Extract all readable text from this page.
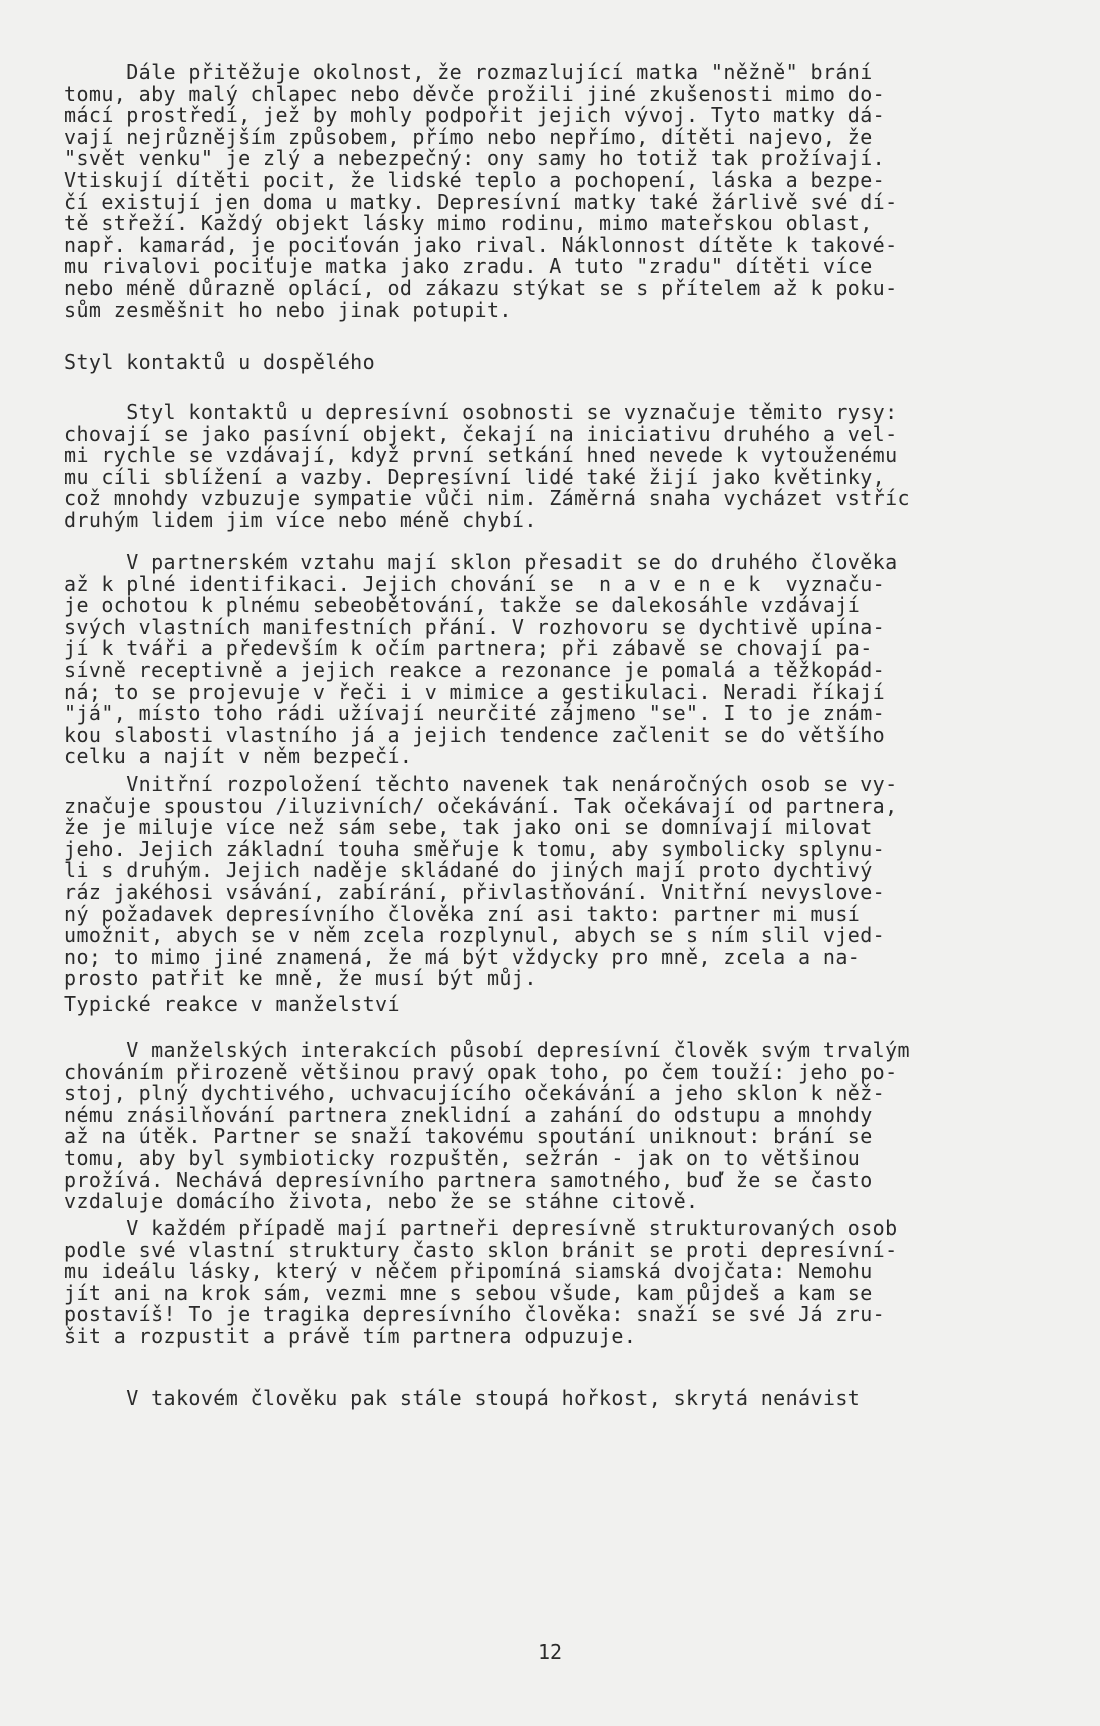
Dále přitěžuje okolnost, že rozmazlující matka "něžně" brání
tomu, aby malý chlapec nebo děvče prožili jiné zkušenosti mimo do-
mácí prostředí, jež by mohly podpořit jejich vývoj. Tyto matky dá-
vají nejrůznějším způsobem, přímo nebo nepřímo, dítěti najevo, že
"svět venku" je zlý a nebezpečný: ony samy ho totiž tak prožívají.
Vtiskují dítěti pocit, že lidské teplo a pochopení, láska a bezpe-
čí existují jen doma u matky. Depresívní matky také žárlivě své dí-
tě střeží. Každý objekt lásky mimo rodinu, mimo mateřskou oblast,
např. kamarád, je pociťován jako rival. Náklonnost dítěte k takové-
mu rivalovi pociťuje matka jako zradu. A tuto "zradu" dítěti více
nebo méně důrazně oplácí, od zákazu stýkat se s přítelem až k poku-
sům zesměšnit ho nebo jinak potupit.
Styl kontaktů u dospělého
Styl kontaktů u depresívní osobnosti se vyznačuje těmito rysy:
chovají se jako pasívní objekt, čekají na iniciativu druhého a vel-
mi rychle se vzdávají, když první setkání hned nevede k vytouženému
mu cíli sblížení a vazby. Depresívní lidé také žijí jako květinky,
což mnohdy vzbuzuje sympatie vůči nim. Záměrná snaha vycházet vstříc
druhým lidem jim více nebo méně chybí.
V partnerském vztahu mají sklon přesadit se do druhého člověka
až k plné identifikaci. Jejich chování se  n a v e n e k  vyznaču-
je ochotou k plnému sebeobětování, takže se dalekosáhle vzdávají
svých vlastních manifestních přání. V rozhovoru se dychtivě upína-
jí k tváři a především k očím partnera; při zábavě se chovají pa-
sívně receptivně a jejich reakce a rezonance je pomalá a těžkopád-
ná; to se projevuje v řeči i v mimice a gestikulaci. Neradi říkají
"já", místo toho rádi užívají neurčité zájmeno "se". I to je znám-
kou slabosti vlastního já a jejich tendence začlenit se do většího
celku a najít v něm bezpečí.
Vnitřní rozpoložení těchto navenek tak nenáročných osob se vy-
značuje spoustou /iluzivních/ očekávání. Tak očekávají od partnera,
že je miluje více než sám sebe, tak jako oni se domnívají milovat
jeho. Jejich základní touha směřuje k tomu, aby symbolicky splynu-
li s druhým. Jejich naděje skládané do jiných mají proto dychtivý
ráz jakéhosi vsávání, zabírání, přivlastňování. Vnitřní nevyslove-
ný požadavek depresívního člověka zní asi takto: partner mi musí
umožnit, abych se v něm zcela rozplynul, abych se s ním slil vjed-
no; to mimo jiné znamená, že má být vždycky pro mně, zcela a na-
prosto patřit ke mně, že musí být můj.
Typické reakce v manželství
V manželských interakcích působí depresívní člověk svým trvalým
chováním přirozeně většinou pravý opak toho, po čem touží: jeho po-
stoj, plný dychtivého, uchvacujícího očekávání a jeho sklon k něž-
nému znásilňování partnera zneklidní a zahání do odstupu a mnohdy
až na útěk. Partner se snaží takovému spoutání uniknout: brání se
tomu, aby byl symbioticky rozpuštěn, sežrán - jak on to většinou
prožívá. Nechává depresívního partnera samotného, buď že se často
vzdaluje domácího života, nebo že se stáhne citově.
V každém případě mají partneři depresívně strukturovaných osob
podle své vlastní struktury často sklon bránit se proti depresívní-
mu ideálu lásky, který v něčem připomíná siamská dvojčata: Nemohu
jít ani na krok sám, vezmi mne s sebou všude, kam půjdeš a kam se
postavíš! To je tragika depresívního člověka: snaží se své Já zru-
šit a rozpustit a právě tím partnera odpuzuje.
V takovém člověku pak stále stoupá hořkost, skrytá nenávist
12
